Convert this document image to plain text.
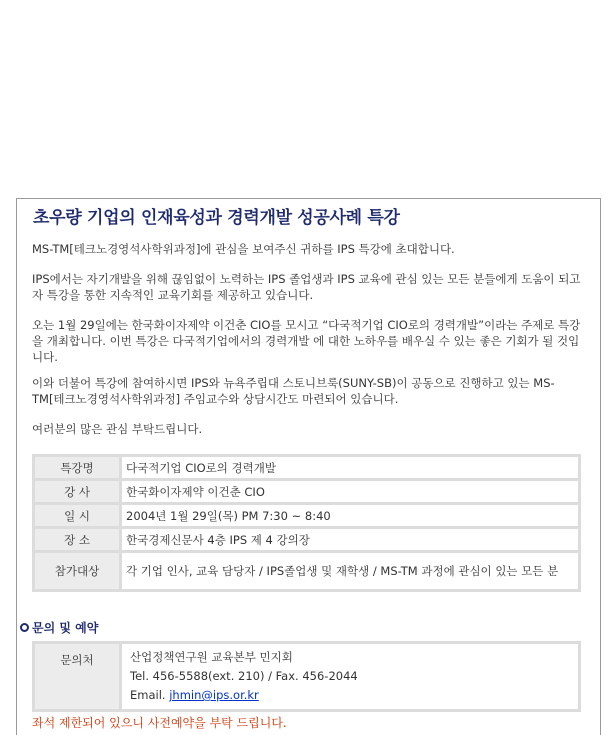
초우량 기업의 인재육성과 경력개발 성공사례 특강
MS-TM[테크노경영석사학위과정]에 관심을 보여주신 귀하를 IPS 특강에 초대합니다.
IPS에서는 자기개발을 위해 끊임없이 노력하는 IPS 졸업생과 IPS 교육에 관심 있는 모든 분들에게 도움이 되고자 특강을 통한 지속적인 교육기회를 제공하고 있습니다.
오는 1월 29일에는 한국화이자제약 이건춘 CIO를 모시고 “다국적기업 CIO로의 경력개발”이라는 주제로 특강을 개최합니다. 이번 특강은 다국적기업에서의 경력개발 에 대한 노하우를 배우실 수 있는 좋은 기회가 될 것입니다.
이와 더불어 특강에 참여하시면 IPS와 뉴욕주립대 스토니브룩(SUNY-SB)이 공동으로 진행하고 있는 MS-TM[테크노경영석사학위과정] 주임교수와 상담시간도 마련되어 있습니다.
여러분의 많은 관심 부탁드립니다.
특강명	다국적기업 CIO로의 경력개발
강 사	한국화이자제약 이건춘 CIO
일 시	2004년 1월 29일(목) PM 7:30 ~ 8:40
장 소	한국경제신문사 4층 IPS 제 4 강의장
참가대상	각 기업 인사, 교육 담당자 / IPS졸업생 및 재학생 / MS-TM 과정에 관심이 있는 모든 분
문의 및 예약
문의처	산업정책연구원 교육본부 민지회
Tel. 456-5588(ext. 210) / Fax. 456-2044
Email. jhmin@ips.or.kr
좌석 제한되어 있으니 사전예약을 부탁 드립니다.
